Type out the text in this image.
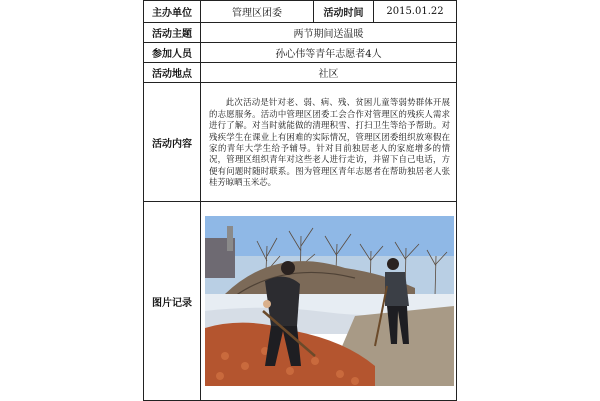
主办单位	管理区团委	活动时间	2015.01.22
活动主题	两节期间送温暖		
参加人员	孙心伟等青年志愿者4人		
活动地点	社区		
活动内容	此次活动是针对老、弱、病、残、贫困儿童等弱势群体开展的志愿服务。活动中管理区团委工会合作对管理区的残疾人需求进行了解。对当时就能做的清理积雪、打扫卫生等给予帮助。对残疾学生在课业上有困难的实际情况，管理区团委组织放寒假在家的青年大学生给予辅导。针对目前独居老人的家庭增多的情况，管理区组织青年对这些老人进行走访，并留下自己电话，方便有问题时随时联系。图为管理区青年志愿者在帮助独居老人张桂芳晾晒玉米芯。		

图片记录	
